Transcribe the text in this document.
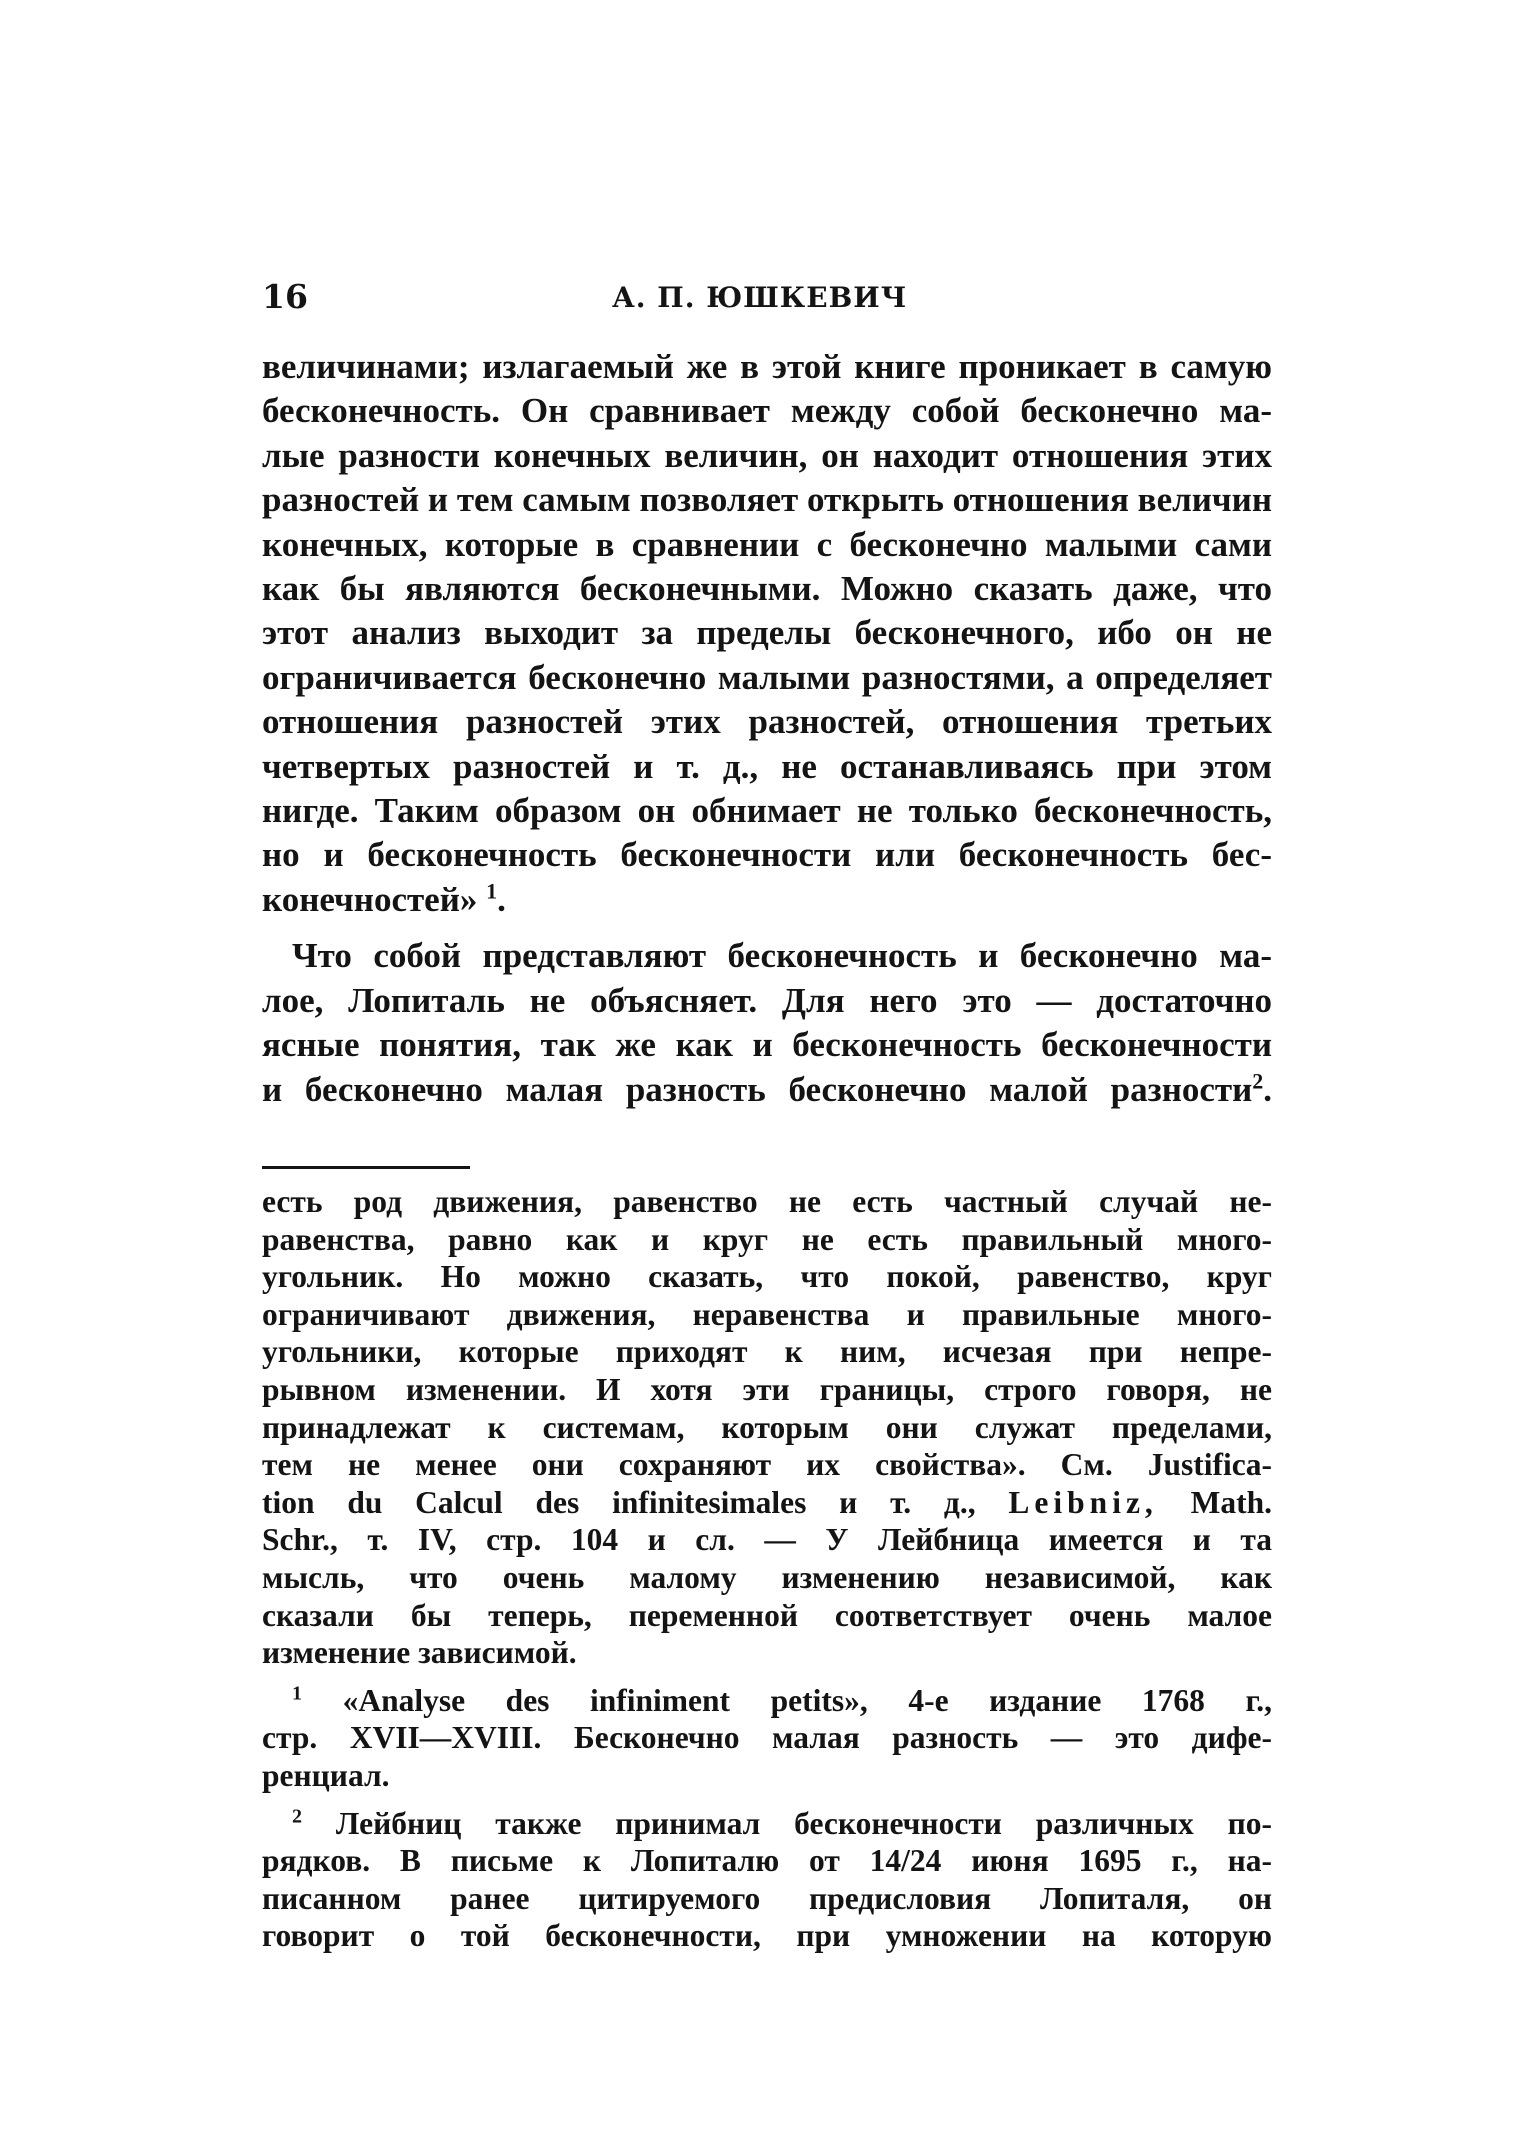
16	А. П. ЮШКЕВИЧ
величинами; излагаемый же в этой книге проникает в самую
бесконечность. Он сравнивает между собой бесконечно ма-
лые разности конечных величин, он находит отношения этих
разностей и тем самым позволяет открыть отношения величин
конечных, которые в сравнении с бесконечно малыми сами
как бы являются бесконечными. Можно сказать даже, что
этот анализ выходит за пределы бесконечного, ибо он не
ограничивается бесконечно малыми разностями, а определяет
отношения разностей этих разностей, отношения третьих
четвертых разностей и т. д., не останавливаясь при этом
нигде. Таким образом он обнимает не только бесконечность,
но и бесконечность бесконечности или бесконечность бес-
конечностей» $^1$.
Что собой представляют бесконечность и бесконечно ма-
лое, Лопиталь не объясняет. Для него это — достаточно
ясные понятия, так же как и бесконечность бесконечности
и бесконечно малая разность бесконечно малой разности$^2$.
есть род движения, равенство не есть частный случай не-
равенства, равно как и круг не есть правильный много-
угольник. Но можно сказать, что покой, равенство, круг
ограничивают движения, неравенства и правильные много-
угольники, которые приходят к ним, исчезая при непре-
рывном изменении. И хотя эти границы, строго говоря, не
принадлежат к системам, которым они служат пределами,
тем не менее они сохраняют их свойства». См. Justifica-
tion du Calcul des infinitesimales и т. д., Leibniz, Math.
Schr., т. IV, стр. 104 и сл. — У Лейбница имеется и та
мысль, что очень малому изменению независимой, как
сказали бы теперь, переменной соответствует очень малое
изменение зависимой.
$^1$ «Analyse des infiniment petits», 4-е издание 1768 г.,
стр. XVII—XVIII. Бесконечно малая разность — это дифе-
ренциал.
$^2$ Лейбниц также принимал бесконечности различных по-
рядков. В письме к Лопиталю от 14/24 июня 1695 г., на-
писанном ранее цитируемого предисловия Лопиталя, он
говорит о той бесконечности, при умножении на которую
